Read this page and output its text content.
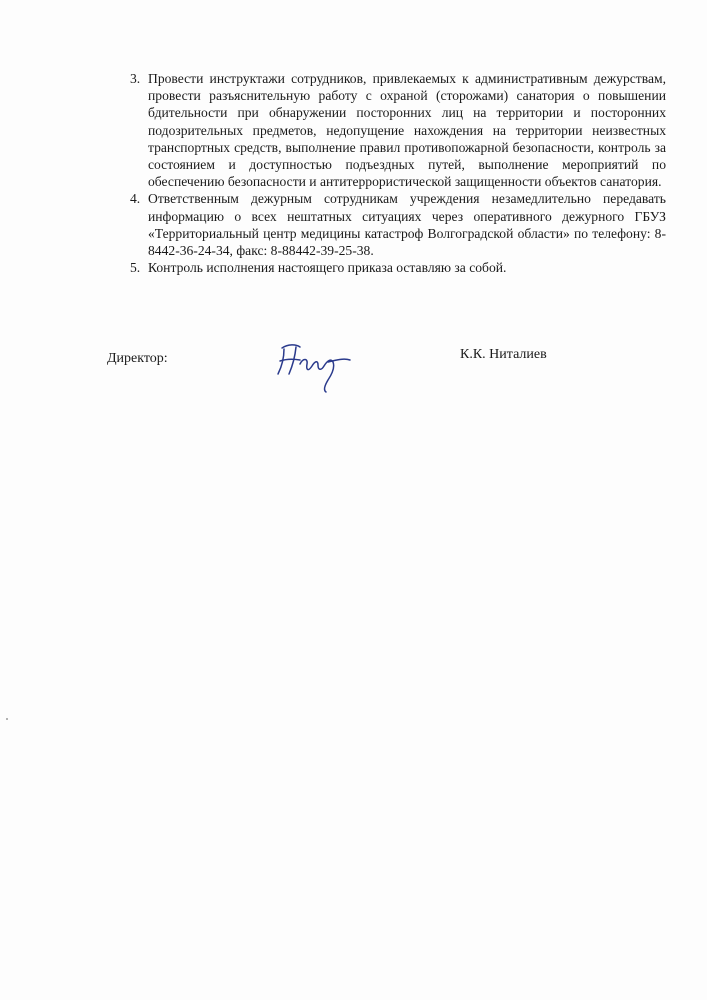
3. Провести инструктажи сотрудников, привлекаемых к административным дежурствам, провести разъяснительную работу с охраной (сторожами) санатория о повышении бдительности при обнаружении посторонних лиц на территории и посторонних подозрительных предметов, недопущение нахождения на территории неизвестных транспортных средств, выполнение правил противопожарной безопасности, контроль за состоянием и доступностью подъездных путей, выполнение мероприятий по обеспечению безопасности и антитеррористической защищенности объектов санатория.
4. Ответственным дежурным сотрудникам учреждения незамедлительно передавать информацию о всех нештатных ситуациях через оперативного дежурного ГБУЗ «Территориальный центр медицины катастроф Волгоградской области» по телефону: 8-8442-36-24-34, факс: 8-88442-39-25-38.
5. Контроль исполнения настоящего приказа оставляю за собой.
Директор:	К.К. Ниталиев
